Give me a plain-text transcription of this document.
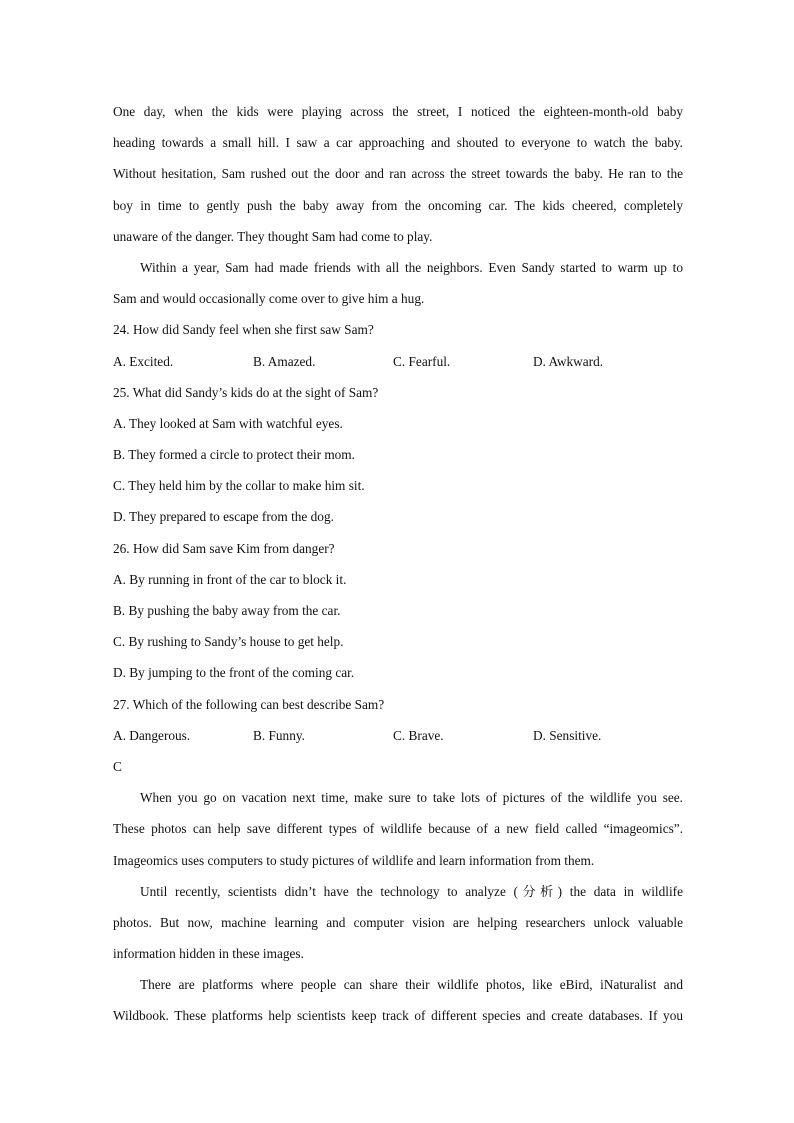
One day, when the kids were playing across the street, I noticed the eighteen-month-old baby
heading towards a small hill. I saw a car approaching and shouted to everyone to watch the baby.
Without hesitation, Sam rushed out the door and ran across the street towards the baby. He ran to the
boy in time to gently push the baby away from the oncoming car. The kids cheered, completely
unaware of the danger. They thought Sam had come to play.
Within a year, Sam had made friends with all the neighbors. Even Sandy started to warm up to
Sam and would occasionally come over to give him a hug.
24. How did Sandy feel when she first saw Sam?
A. Excited.	B. Amazed.	C. Fearful.	D. Awkward.
25. What did Sandy’s kids do at the sight of Sam?
A. They looked at Sam with watchful eyes.
B. They formed a circle to protect their mom.
C. They held him by the collar to make him sit.
D. They prepared to escape from the dog.
26. How did Sam save Kim from danger?
A. By running in front of the car to block it.
B. By pushing the baby away from the car.
C. By rushing to Sandy’s house to get help.
D. By jumping to the front of the coming car.
27. Which of the following can best describe Sam?
A. Dangerous.	B. Funny.	C. Brave.	D. Sensitive.
C
When you go on vacation next time, make sure to take lots of pictures of the wildlife you see.
These photos can help save different types of wildlife because of a new field called “imageomics”.
Imageomics uses computers to study pictures of wildlife and learn information from them.
Until recently, scientists didn’t have the technology to analyze (分析) the data in wildlife
photos. But now, machine learning and computer vision are helping researchers unlock valuable
information hidden in these images.
There are platforms where people can share their wildlife photos, like eBird, iNaturalist and
Wildbook. These platforms help scientists keep track of different species and create databases. If you
